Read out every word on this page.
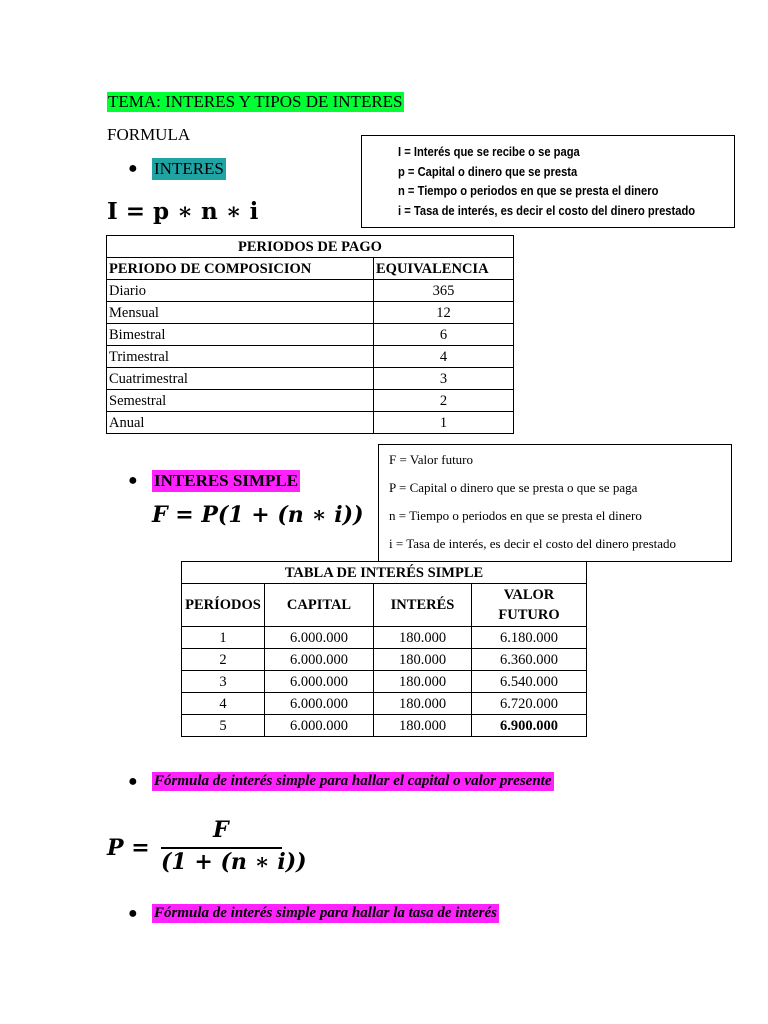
TEMA: INTERES Y TIPOS DE INTERES
FORMULA
● INTERES
I = p ∗ n ∗ i
I = Interés que se recibe o se paga
p = Capital o dinero que se presta
n = Tiempo o periodos en que se presta el dinero
i = Tasa de interés, es decir el costo del dinero prestado
PERIODOS DE PAGO	
PERIODO DE COMPOSICION	EQUIVALENCIA
Diario	365
Mensual	12
Bimestral	6
Trimestral	4
Cuatrimestral	3
Semestral	2
Anual	1
● INTERES SIMPLE
F = P(1 + (n ∗ i))
F = Valor futuro
P = Capital o dinero que se presta o que se paga
n = Tiempo o periodos en que se presta el dinero
i = Tasa de interés, es decir el costo del dinero prestado
TABLA DE INTERÉS SIMPLE			
PERÍODOS	CAPITAL	INTERÉS	VALOR FUTURO
1	6.000.000	180.000	6.180.000
2	6.000.000	180.000	6.360.000
3	6.000.000	180.000	6.540.000
4	6.000.000	180.000	6.720.000
5	6.000.000	180.000	6.900.000
●	Fórmula de interés simple para hallar el capital o valor presente
P =
F
(1 + (n ∗ i))
●	Fórmula de interés simple para hallar la tasa de interés
